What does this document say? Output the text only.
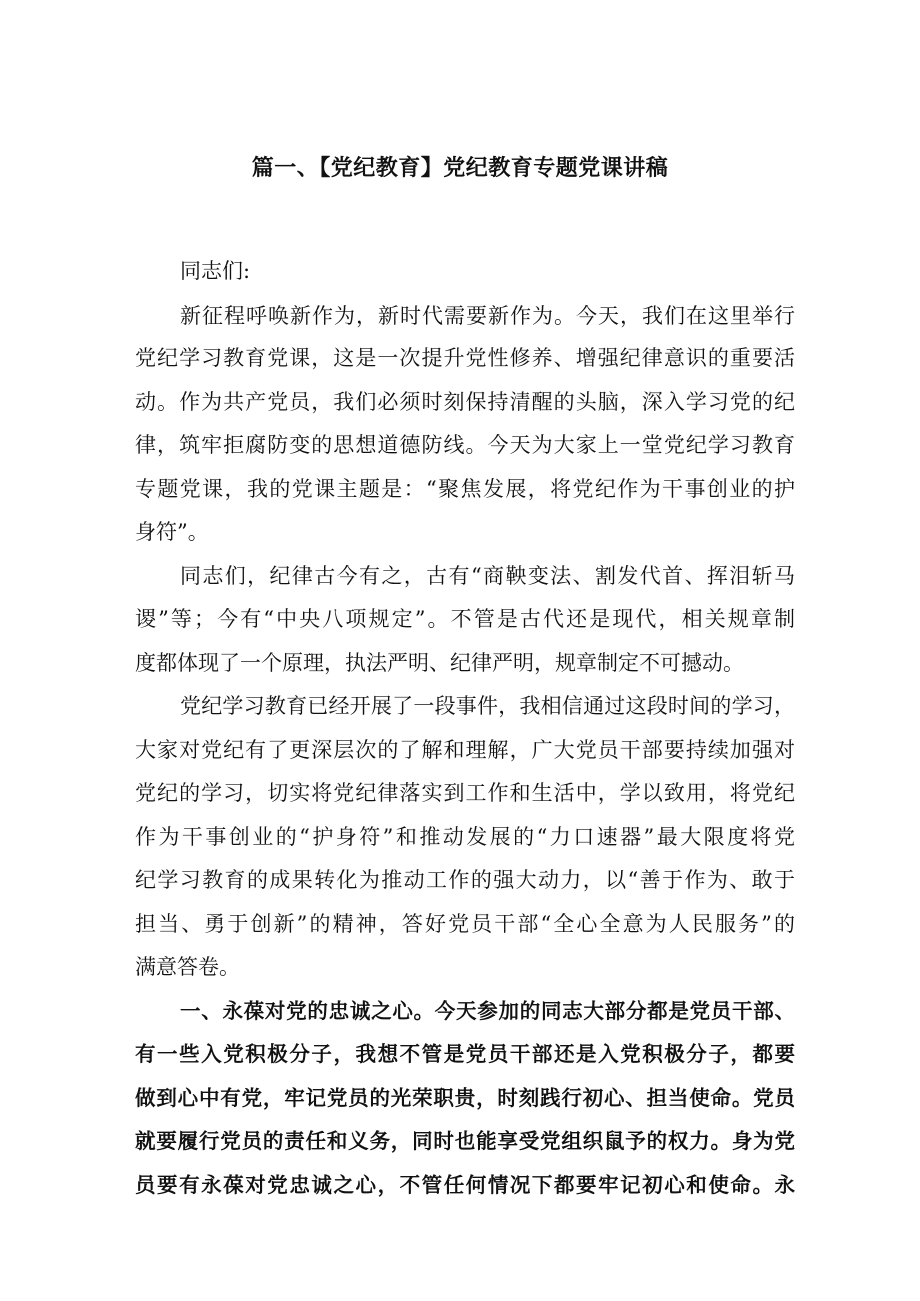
篇一、【党纪教育】党纪教育专题党课讲稿

同志们:

新征程呼唤新作为，新时代需要新作为。今天，我们在这里举行

党纪学习教育党课，这是一次提升党性修养、增强纪律意识的重要活

动。作为共产党员，我们必须时刻保持清醒的头脑，深入学习党的纪

律，筑牢拒腐防变的思想道德防线。今天为大家上一堂党纪学习教育

专题党课，我的党课主题是：“聚焦发展，将党纪作为干事创业的护

身符”。

同志们，纪律古今有之，古有“商鞅变法、割发代首、挥泪斩马

谡”等；今有“中央八项规定”。不管是古代还是现代，相关规章制

度都体现了一个原理，执法严明、纪律严明，规章制定不可撼动。

党纪学习教育已经开展了一段事件，我相信通过这段时间的学习，

大家对党纪有了更深层次的了解和理解，广大党员干部要持续加强对

党纪的学习，切实将党纪律落实到工作和生活中，学以致用，将党纪

作为干事创业的“护身符”和推动发展的“力口速器”最大限度将党

纪学习教育的成果转化为推动工作的强大动力，以“善于作为、敢于

担当、勇于创新”的精神，答好党员干部“全心全意为人民服务”的

满意答卷。

一、永葆对党的忠诚之心。今天参加的同志大部分都是党员干部、

有一些入党积极分子，我想不管是党员干部还是入党积极分子，都要

做到心中有党，牢记党员的光荣职贵，时刻践行初心、担当使命。党员

就要履行党员的责任和义务，同时也能享受党组织鼠予的权力。身为党

员要有永葆对党忠诚之心，不管任何情况下都要牢记初心和使命。永
